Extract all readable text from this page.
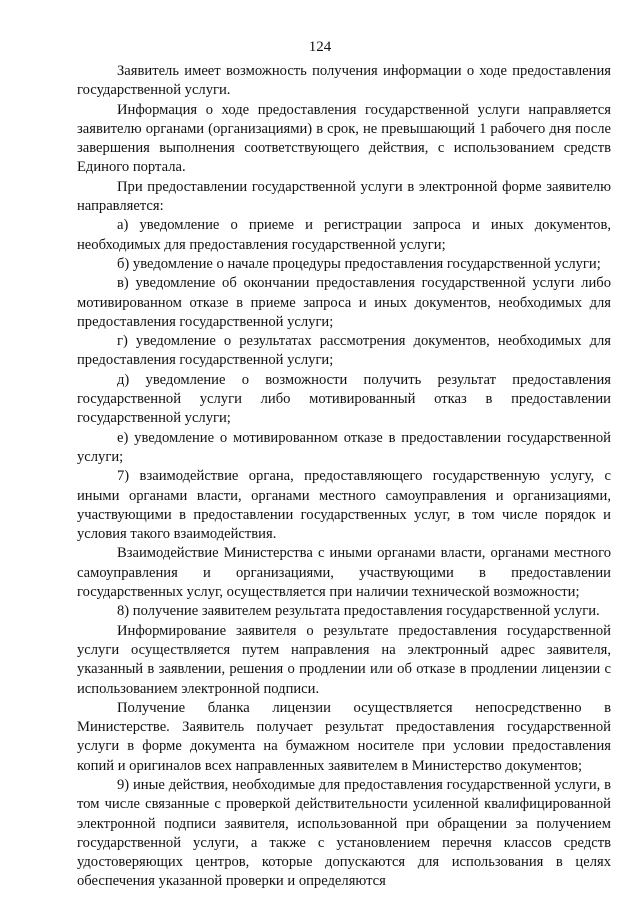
124

Заявитель имеет возможность получения информации о ходе предоставления государственной услуги.

Информация о ходе предоставления государственной услуги направляется заявителю органами (организациями) в срок, не превышающий 1 рабочего дня после завершения выполнения соответствующего действия, с использованием средств Единого портала.

При предоставлении государственной услуги в электронной форме заявителю направляется:

а) уведомление о приеме и регистрации запроса и иных документов, необходимых для предоставления государственной услуги;

б) уведомление о начале процедуры предоставления государственной услуги;

в) уведомление об окончании предоставления государственной услуги либо мотивированном отказе в приеме запроса и иных документов, необходимых для предоставления государственной услуги;

г) уведомление о результатах рассмотрения документов, необходимых для предоставления государственной услуги;

д) уведомление о возможности получить результат предоставления государственной услуги либо мотивированный отказ в предоставлении государственной услуги;

е) уведомление о мотивированном отказе в предоставлении государственной услуги;

7) взаимодействие органа, предоставляющего государственную услугу, с иными органами власти, органами местного самоуправления и организациями, участвующими в предоставлении государственных услуг, в том числе порядок и условия такого взаимодействия.

Взаимодействие Министерства с иными органами власти, органами местного самоуправления и организациями, участвующими в предоставлении государственных услуг, осуществляется при наличии технической возможности;

8) получение заявителем результата предоставления государственной услуги.

Информирование заявителя о результате предоставления государственной услуги осуществляется путем направления на электронный адрес заявителя, указанный в заявлении, решения о продлении или об отказе в продлении лицензии с использованием электронной подписи.

Получение бланка лицензии осуществляется непосредственно в Министерстве. Заявитель получает результат предоставления государственной услуги в форме документа на бумажном носителе при условии предоставления копий и оригиналов всех направленных заявителем в Министерство документов;

9) иные действия, необходимые для предоставления государственной услуги, в том числе связанные с проверкой действительности усиленной квалифицированной электронной подписи заявителя, использованной при обращении за получением государственной услуги, а также с установлением перечня классов средств удостоверяющих центров, которые допускаются для использования в целях обеспечения указанной проверки и определяются
